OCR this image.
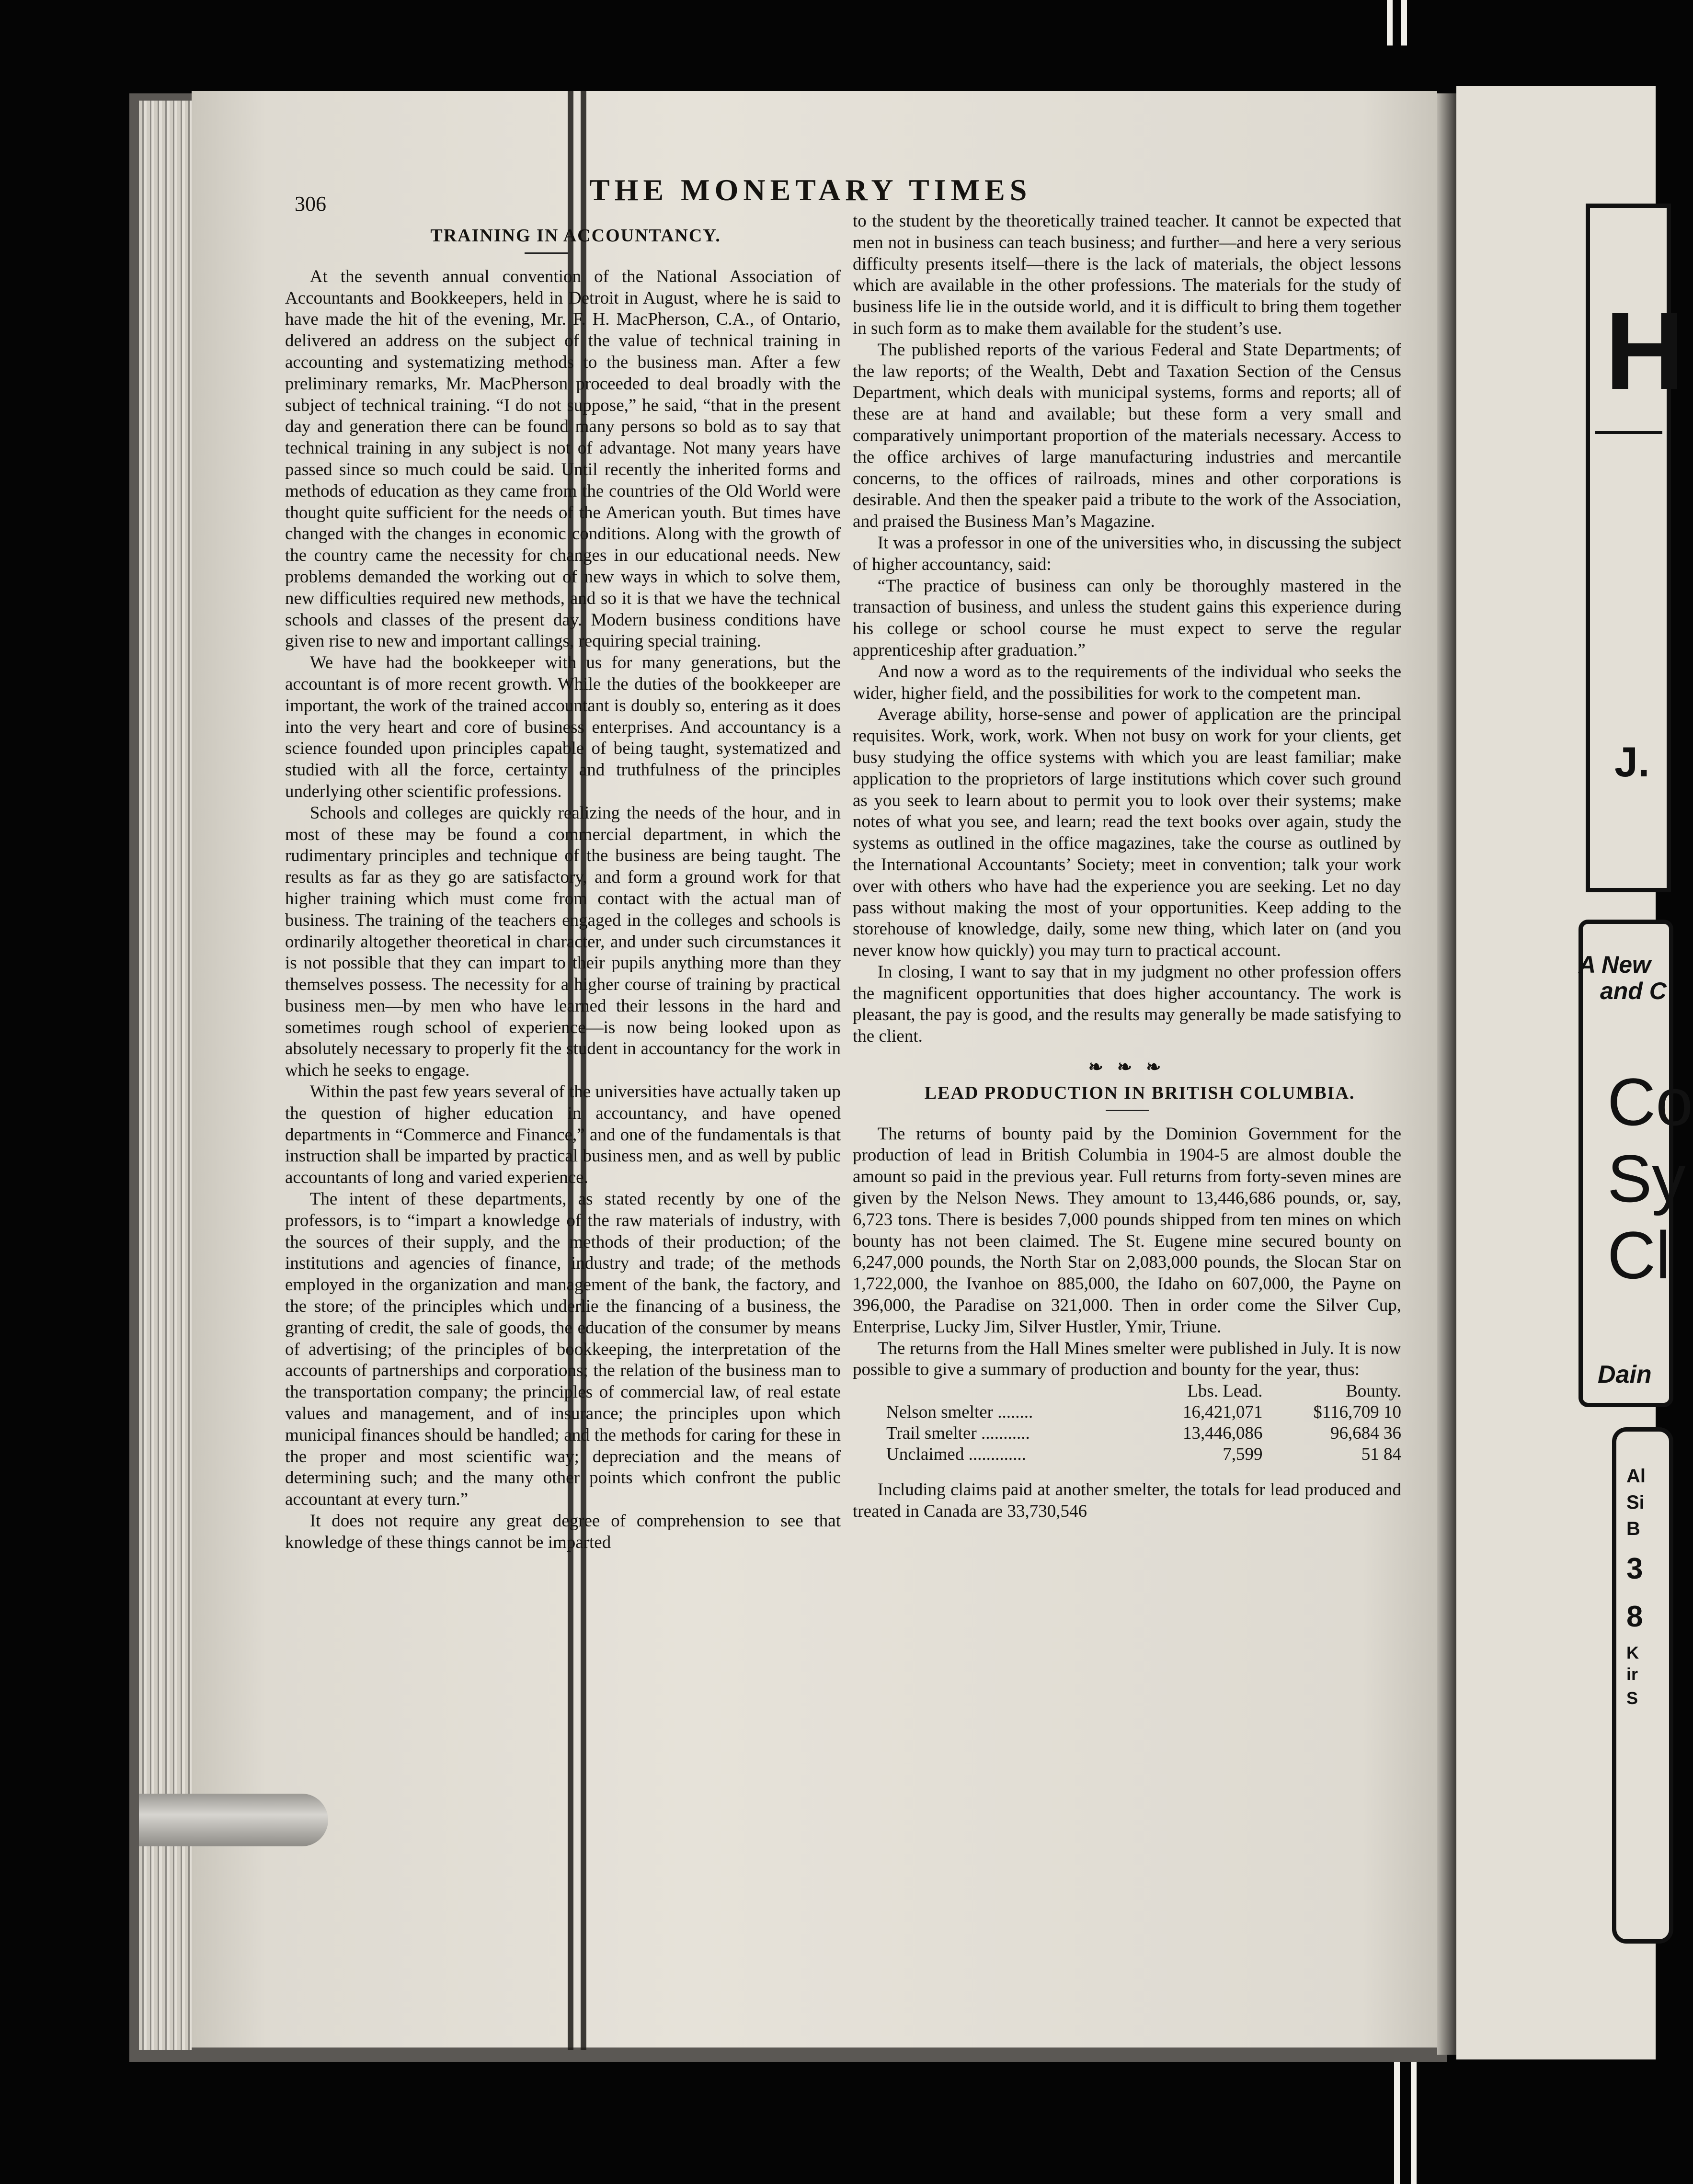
H
J.
A New
and C
Co
Sy
Cl
Dain
Al
Si
B
3
8
K
ir
S
306	THE MONETARY TIMES

TRAINING IN ACCOUNTANCY.

At the seventh annual convention of the National Association of Accountants and Bookkeepers, held in Detroit in August, where he is said to have made the hit of the evening, Mr. F. H. MacPherson, C.A., of Ontario, delivered an address on the subject of the value of technical training in accounting and systematizing methods to the business man. After a few preliminary remarks, Mr. MacPherson proceeded to deal broadly with the subject of technical training. “I do not suppose,” he said, “that in the present day and generation there can be found many persons so bold as to say that technical training in any subject is not of advantage. Not many years have passed since so much could be said. Until recently the inherited forms and methods of education as they came from the countries of the Old World were thought quite sufficient for the needs of the American youth. But times have changed with the changes in economic conditions. Along with the growth of the country came the necessity for changes in our educational needs. New problems demanded the working out of new ways in which to solve them, new difficulties required new methods, and so it is that we have the technical schools and classes of the present day. Modern business conditions have given rise to new and important callings, requiring special training.

We have had the bookkeeper with us for many generations, but the accountant is of more recent growth. While the duties of the bookkeeper are important, the work of the trained accountant is doubly so, entering as it does into the very heart and core of business enterprises. And accountancy is a science founded upon principles capable of being taught, systematized and studied with all the force, certainty and truthfulness of the principles underlying other scientific professions.

Schools and colleges are quickly realizing the needs of the hour, and in most of these may be found a commercial department, in which the rudimentary principles and technique of the business are being taught. The results as far as they go are satisfactory, and form a ground work for that higher training which must come from contact with the actual man of business. The training of the teachers engaged in the colleges and schools is ordinarily altogether theoretical in character, and under such circumstances it is not possible that they can impart to their pupils anything more than they themselves possess. The necessity for a higher course of training by practical business men—by men who have learned their lessons in the hard and sometimes rough school of experience—is now being looked upon as absolutely necessary to properly fit the student in accountancy for the work in which he seeks to engage.

Within the past few years several of the universities have actually taken up the question of higher education in accountancy, and have opened departments in “Commerce and Finance,” and one of the fundamentals is that instruction shall be imparted by practical business men, and as well by public accountants of long and varied experience.

The intent of these departments, as stated recently by one of the professors, is to “impart a knowledge of the raw materials of industry, with the sources of their supply, and the methods of their production; of the institutions and agencies of finance, industry and trade; of the methods employed in the organization and management of the bank, the factory, and the store; of the principles which underlie the financing of a business, the granting of credit, the sale of goods, the education of the consumer by means of advertising; of the principles of bookkeeping, the interpretation of the accounts of partnerships and corporations; the relation of the business man to the transportation company; the principles of commercial law, of real estate values and management, and of insurance; the principles upon which municipal finances should be handled; and the methods for caring for these in the proper and most scientific way; depreciation and the means of determining such; and the many other points which confront the public accountant at every turn.”

It does not require any great degree of comprehension to see that knowledge of these things cannot be imparted

to the student by the theoretically trained teacher. It cannot be expected that men not in business can teach business; and further—and here a very serious difficulty presents itself—there is the lack of materials, the object lessons which are available in the other professions. The materials for the study of business life lie in the outside world, and it is difficult to bring them together in such form as to make them available for the student’s use.

The published reports of the various Federal and State Departments; of the law reports; of the Wealth, Debt and Taxation Section of the Census Department, which deals with municipal systems, forms and reports; all of these are at hand and available; but these form a very small and comparatively unimportant proportion of the materials necessary. Access to the office archives of large manufacturing industries and mercantile concerns, to the offices of railroads, mines and other corporations is desirable. And then the speaker paid a tribute to the work of the Association, and praised the Business Man’s Magazine.

It was a professor in one of the universities who, in discussing the subject of higher accountancy, said:

“The practice of business can only be thoroughly mastered in the transaction of business, and unless the student gains this experience during his college or school course he must expect to serve the regular apprenticeship after graduation.”

And now a word as to the requirements of the individual who seeks the wider, higher field, and the possibilities for work to the competent man.

Average ability, horse-sense and power of application are the principal requisites. Work, work, work. When not busy on work for your clients, get busy studying the office systems with which you are least familiar; make application to the proprietors of large institutions which cover such ground as you seek to learn about to permit you to look over their systems; make notes of what you see, and learn; read the text books over again, study the systems as outlined in the office magazines, take the course as outlined by the International Accountants’ Society; meet in convention; talk your work over with others who have had the experience you are seeking. Let no day pass without making the most of your opportunities. Keep adding to the storehouse of knowledge, daily, some new thing, which later on (and you never know how quickly) you may turn to practical account.

In closing, I want to say that in my judgment no other profession offers the magnificent opportunities that does higher accountancy. The work is pleasant, the pay is good, and the results may generally be made satisfying to the client.

❧ ❧ ❧

LEAD PRODUCTION IN BRITISH COLUMBIA.

The returns of bounty paid by the Dominion Government for the production of lead in British Columbia in 1904-5 are almost double the amount so paid in the previous year. Full returns from forty-seven mines are given by the Nelson News. They amount to 13,446,686 pounds, or, say, 6,723 tons. There is besides 7,000 pounds shipped from ten mines on which bounty has not been claimed. The St. Eugene mine secured bounty on 6,247,000 pounds, the North Star on 2,083,000 pounds, the Slocan Star on 1,722,000, the Ivanhoe on 885,000, the Idaho on 607,000, the Payne on 396,000, the Paradise on 321,000. Then in order come the Silver Cup, Enterprise, Lucky Jim, Silver Hustler, Ymir, Triune.

The returns from the Hall Mines smelter were published in July. It is now possible to give a summary of production and bounty for the year, thus:

	Lbs. Lead.	Bounty.
Nelson smelter ........	16,421,071	$116,709 10
Trail smelter ...........	13,446,086	96,684 36
Unclaimed .............	7,599	51 84

Including claims paid at another smelter, the totals for lead produced and treated in Canada are 33,730,546
